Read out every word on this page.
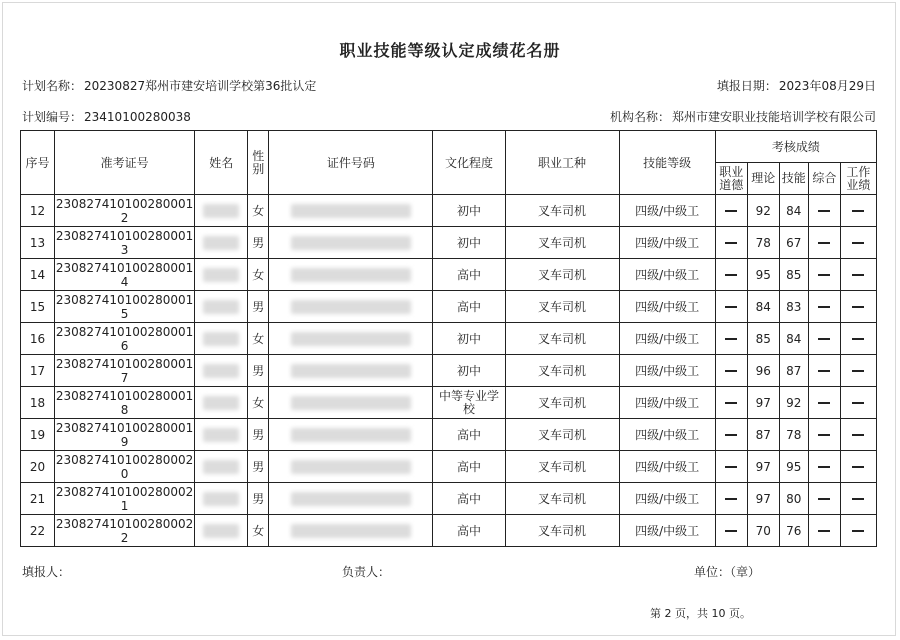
职业技能等级认定成绩花名册
计划名称： 20230827郑州市建安培训学校第36批认定	填报日期： 2023年08月29日
计划编号： 23410100280038	机构名称： 郑州市建安职业技能培训学校有限公司
序号	准考证号	姓名	性别	证件号码	文化程度	职业工种	技能等级	考核成绩				
								职业道德	理论	技能	综合	工作业绩
12	230827410100280001​2		女		初中	叉车司机	四级/中级工		92	84		
13	230827410100280001​3		男		初中	叉车司机	四级/中级工		78	67		
14	230827410100280001​4		女		高中	叉车司机	四级/中级工		95	85		
15	230827410100280001​5		男		高中	叉车司机	四级/中级工		84	83		
16	230827410100280001​6		女		初中	叉车司机	四级/中级工		85	84		
17	230827410100280001​7		男		初中	叉车司机	四级/中级工		96	87		
18	230827410100280001​8		女		中等专业学校	叉车司机	四级/中级工		97	92		
19	230827410100280001​9		男		高中	叉车司机	四级/中级工		87	78		
20	230827410100280002​0		男		高中	叉车司机	四级/中级工		97	95		
21	230827410100280002​1		男		高中	叉车司机	四级/中级工		97	80		
22	230827410100280002​2		女		高中	叉车司机	四级/中级工		70	76		
填报人：	负责人：	单位：（章）
第 2 页，共 10 页。
